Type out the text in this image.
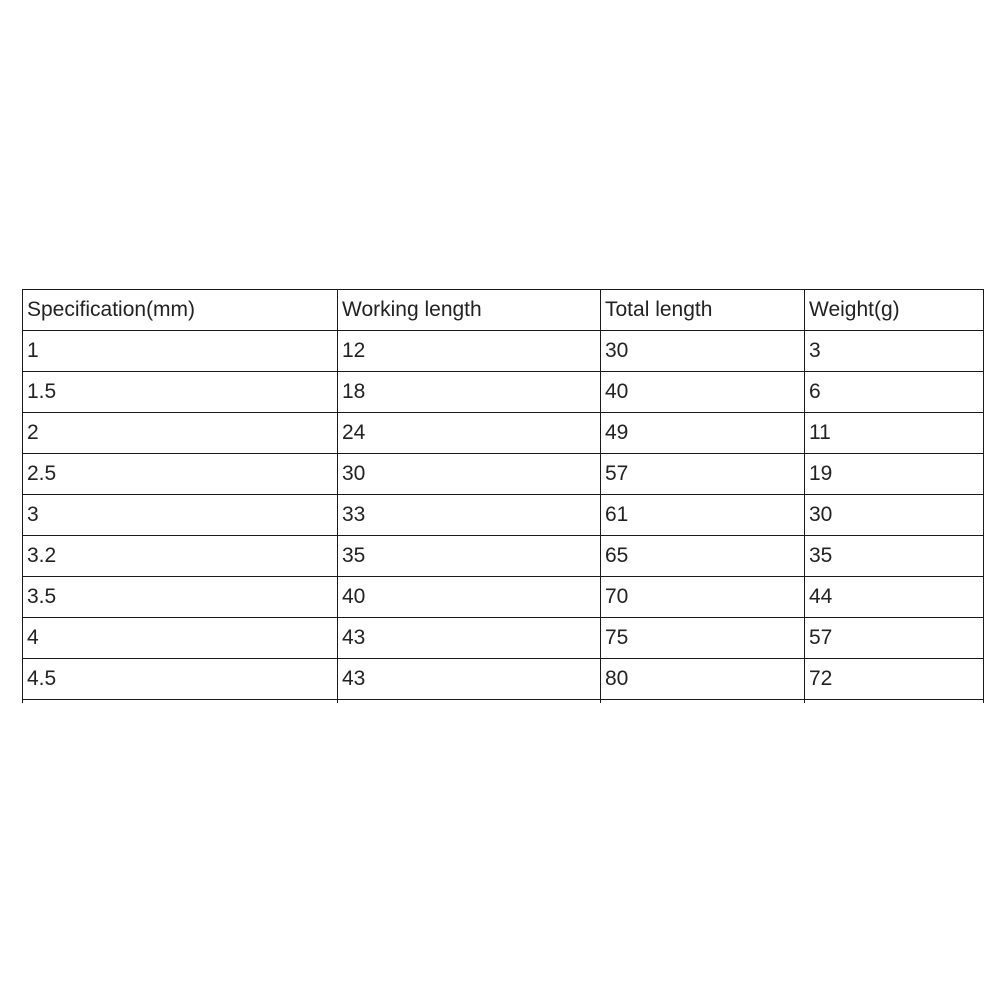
Specification(mm)	Working length	Total length	Weight(g)
1	12	30	3
1.5	18	40	6
2	24	49	11
2.5	30	57	19
3	33	61	30
3.2	35	65	35
3.5	40	70	44
4	43	75	57
4.5	43	80	72
